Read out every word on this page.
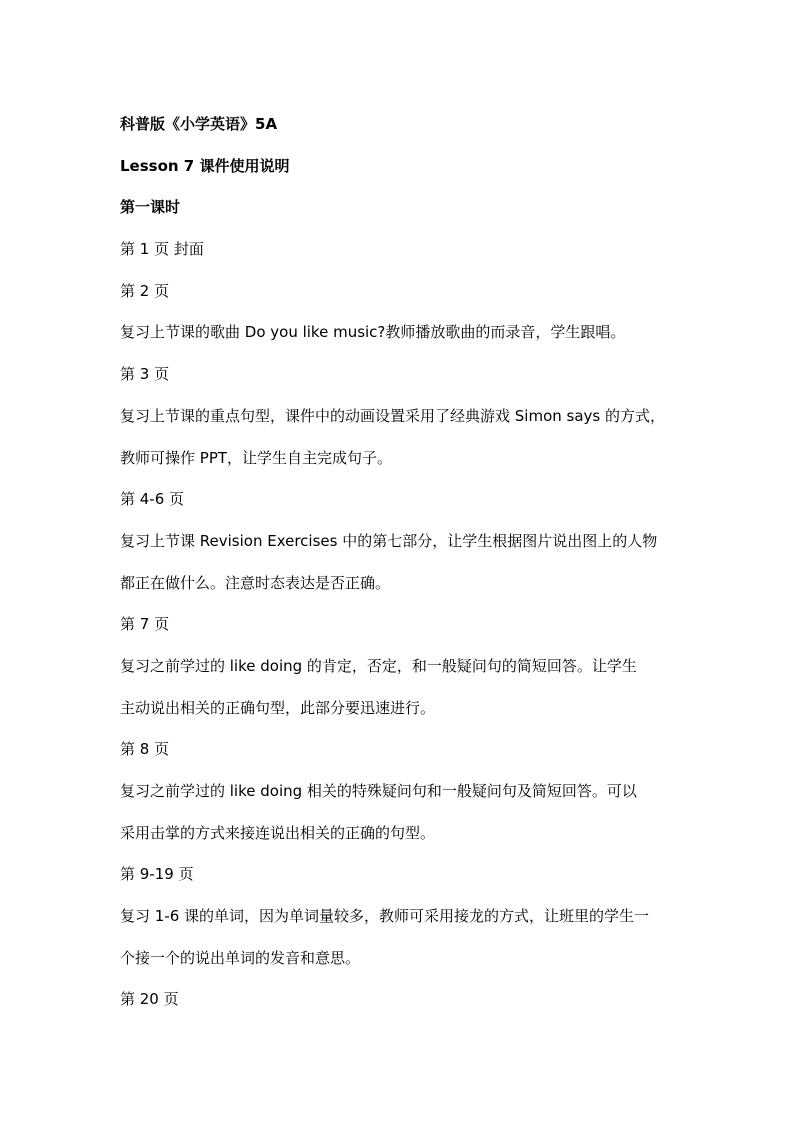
科普版《小学英语》5A
Lesson 7 课件使用说明
第一课时
第 1 页 封面
第 2 页
复习上节课的歌曲 Do you like music?教师播放歌曲的而录音，学生跟唱。
第 3 页
复习上节课的重点句型，课件中的动画设置采用了经典游戏 Simon says 的方式，
教师可操作 PPT，让学生自主完成句子。
第 4-6 页
复习上节课 Revision Exercises 中的第七部分，让学生根据图片说出图上的人物
都正在做什么。注意时态表达是否正确。
第 7 页
复习之前学过的 like doing 的肯定，否定，和一般疑问句的简短回答。让学生
主动说出相关的正确句型，此部分要迅速进行。
第 8 页
复习之前学过的 like doing 相关的特殊疑问句和一般疑问句及简短回答。可以
采用击掌的方式来接连说出相关的正确的句型。
第 9-19 页
复习 1-6 课的单词，因为单词量较多，教师可采用接龙的方式，让班里的学生一
个接一个的说出单词的发音和意思。
第 20 页
